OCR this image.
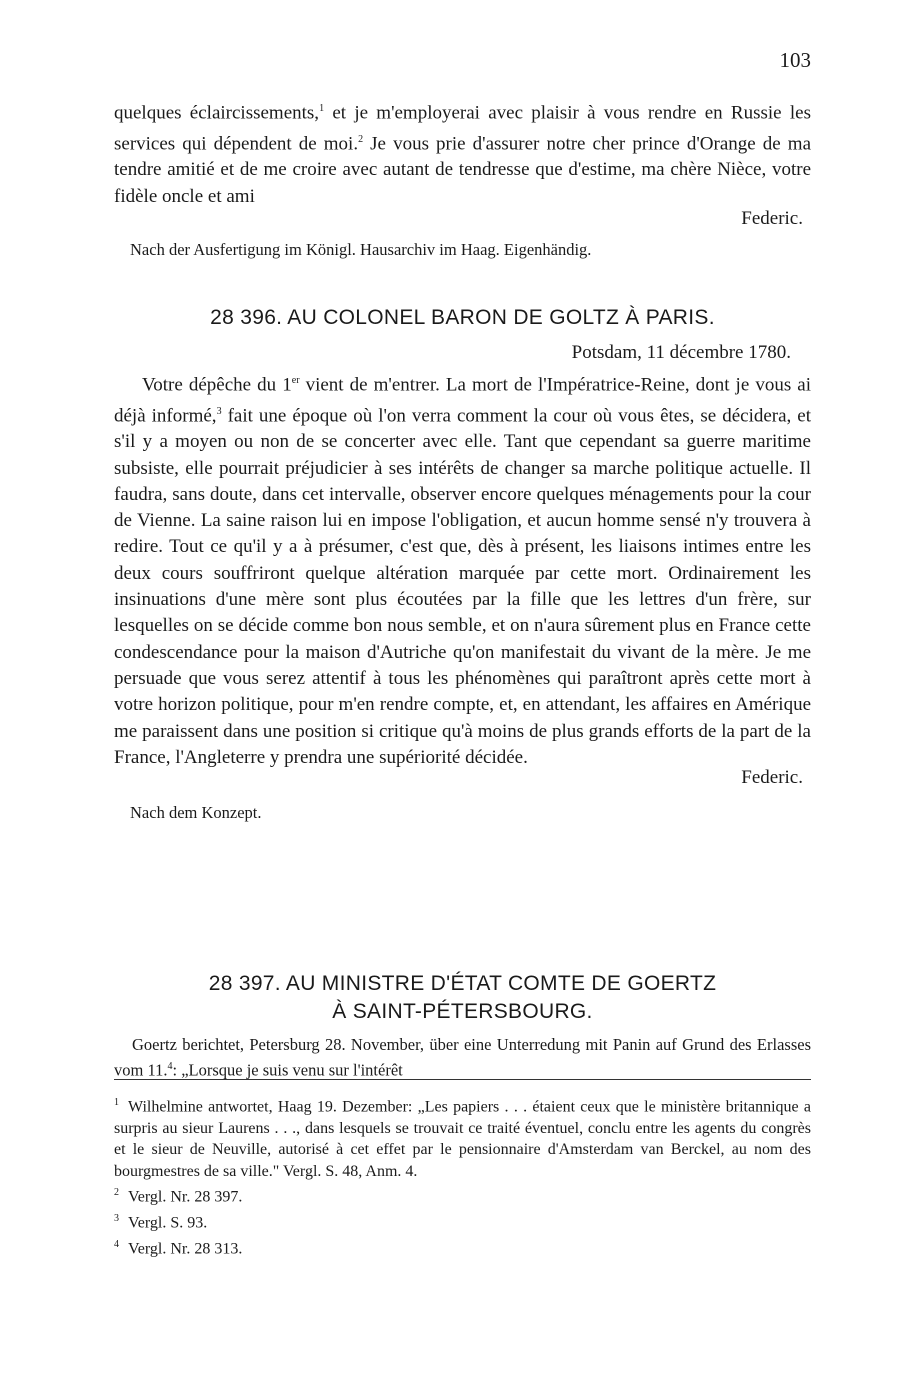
103

quelques éclaircissements,$^1$ et je m'employerai avec plaisir à vous rendre en Russie les services qui dépendent de moi.$^2$ Je vous prie d'assurer notre cher prince d'Orange de ma tendre amitié et de me croire avec autant de tendresse que d'estime, ma chère Nièce, votre fidèle oncle et ami

Federic.

Nach der Ausfertigung im Königl. Hausarchiv im Haag. Eigenhändig.

28 396. AU COLONEL BARON DE GOLTZ À PARIS.

Potsdam, 11 décembre 1780.

Votre dépêche du 1er vient de m'entrer. La mort de l'Impératrice-Reine, dont je vous ai déjà informé,$^3$ fait une époque où l'on verra comment la cour où vous êtes, se décidera, et s'il y a moyen ou non de se concerter avec elle. Tant que cependant sa guerre maritime subsiste, elle pourrait préjudicier à ses intérêts de changer sa marche politique actuelle. Il faudra, sans doute, dans cet intervalle, observer encore quelques ménagements pour la cour de Vienne. La saine raison lui en impose l'obligation, et aucun homme sensé n'y trouvera à redire. Tout ce qu'il y a à présumer, c'est que, dès à présent, les liaisons intimes entre les deux cours souffriront quelque altération marquée par cette mort. Ordinairement les insinuations d'une mère sont plus écoutées par la fille que les lettres d'un frère, sur lesquelles on se décide comme bon nous semble, et on n'aura sûrement plus en France cette condescendance pour la maison d'Autriche qu'on manifestait du vivant de la mère. Je me persuade que vous serez attentif à tous les phénomènes qui paraîtront après cette mort à votre horizon politique, pour m'en rendre compte, et, en attendant, les affaires en Amérique me paraissent dans une position si critique qu'à moins de plus grands efforts de la part de la France, l'Angleterre y prendra une supériorité décidée.

Federic.

Nach dem Konzept.

28 397. AU MINISTRE D'ÉTAT COMTE DE GOERTZ

À SAINT-PÉTERSBOURG.

Goertz berichtet, Petersburg 28. November, über eine Unterredung mit Panin auf Grund des Erlasses vom 11.$^4$: „Lorsque je suis venu sur l'intérêt

$^1$ Wilhelmine antwortet, Haag 19. Dezember: „Les papiers . . . étaient ceux que le ministère britannique a surpris au sieur Laurens . . ., dans lesquels se trouvait ce traité éventuel, conclu entre les agents du congrès et le sieur de Neuville, autorisé à cet effet par le pensionnaire d'Amsterdam van Berckel, au nom des bourgmestres de sa ville." Vergl. S. 48, Anm. 4.

$^2$ Vergl. Nr. 28 397.

$^3$ Vergl. S. 93.

$^4$ Vergl. Nr. 28 313.
